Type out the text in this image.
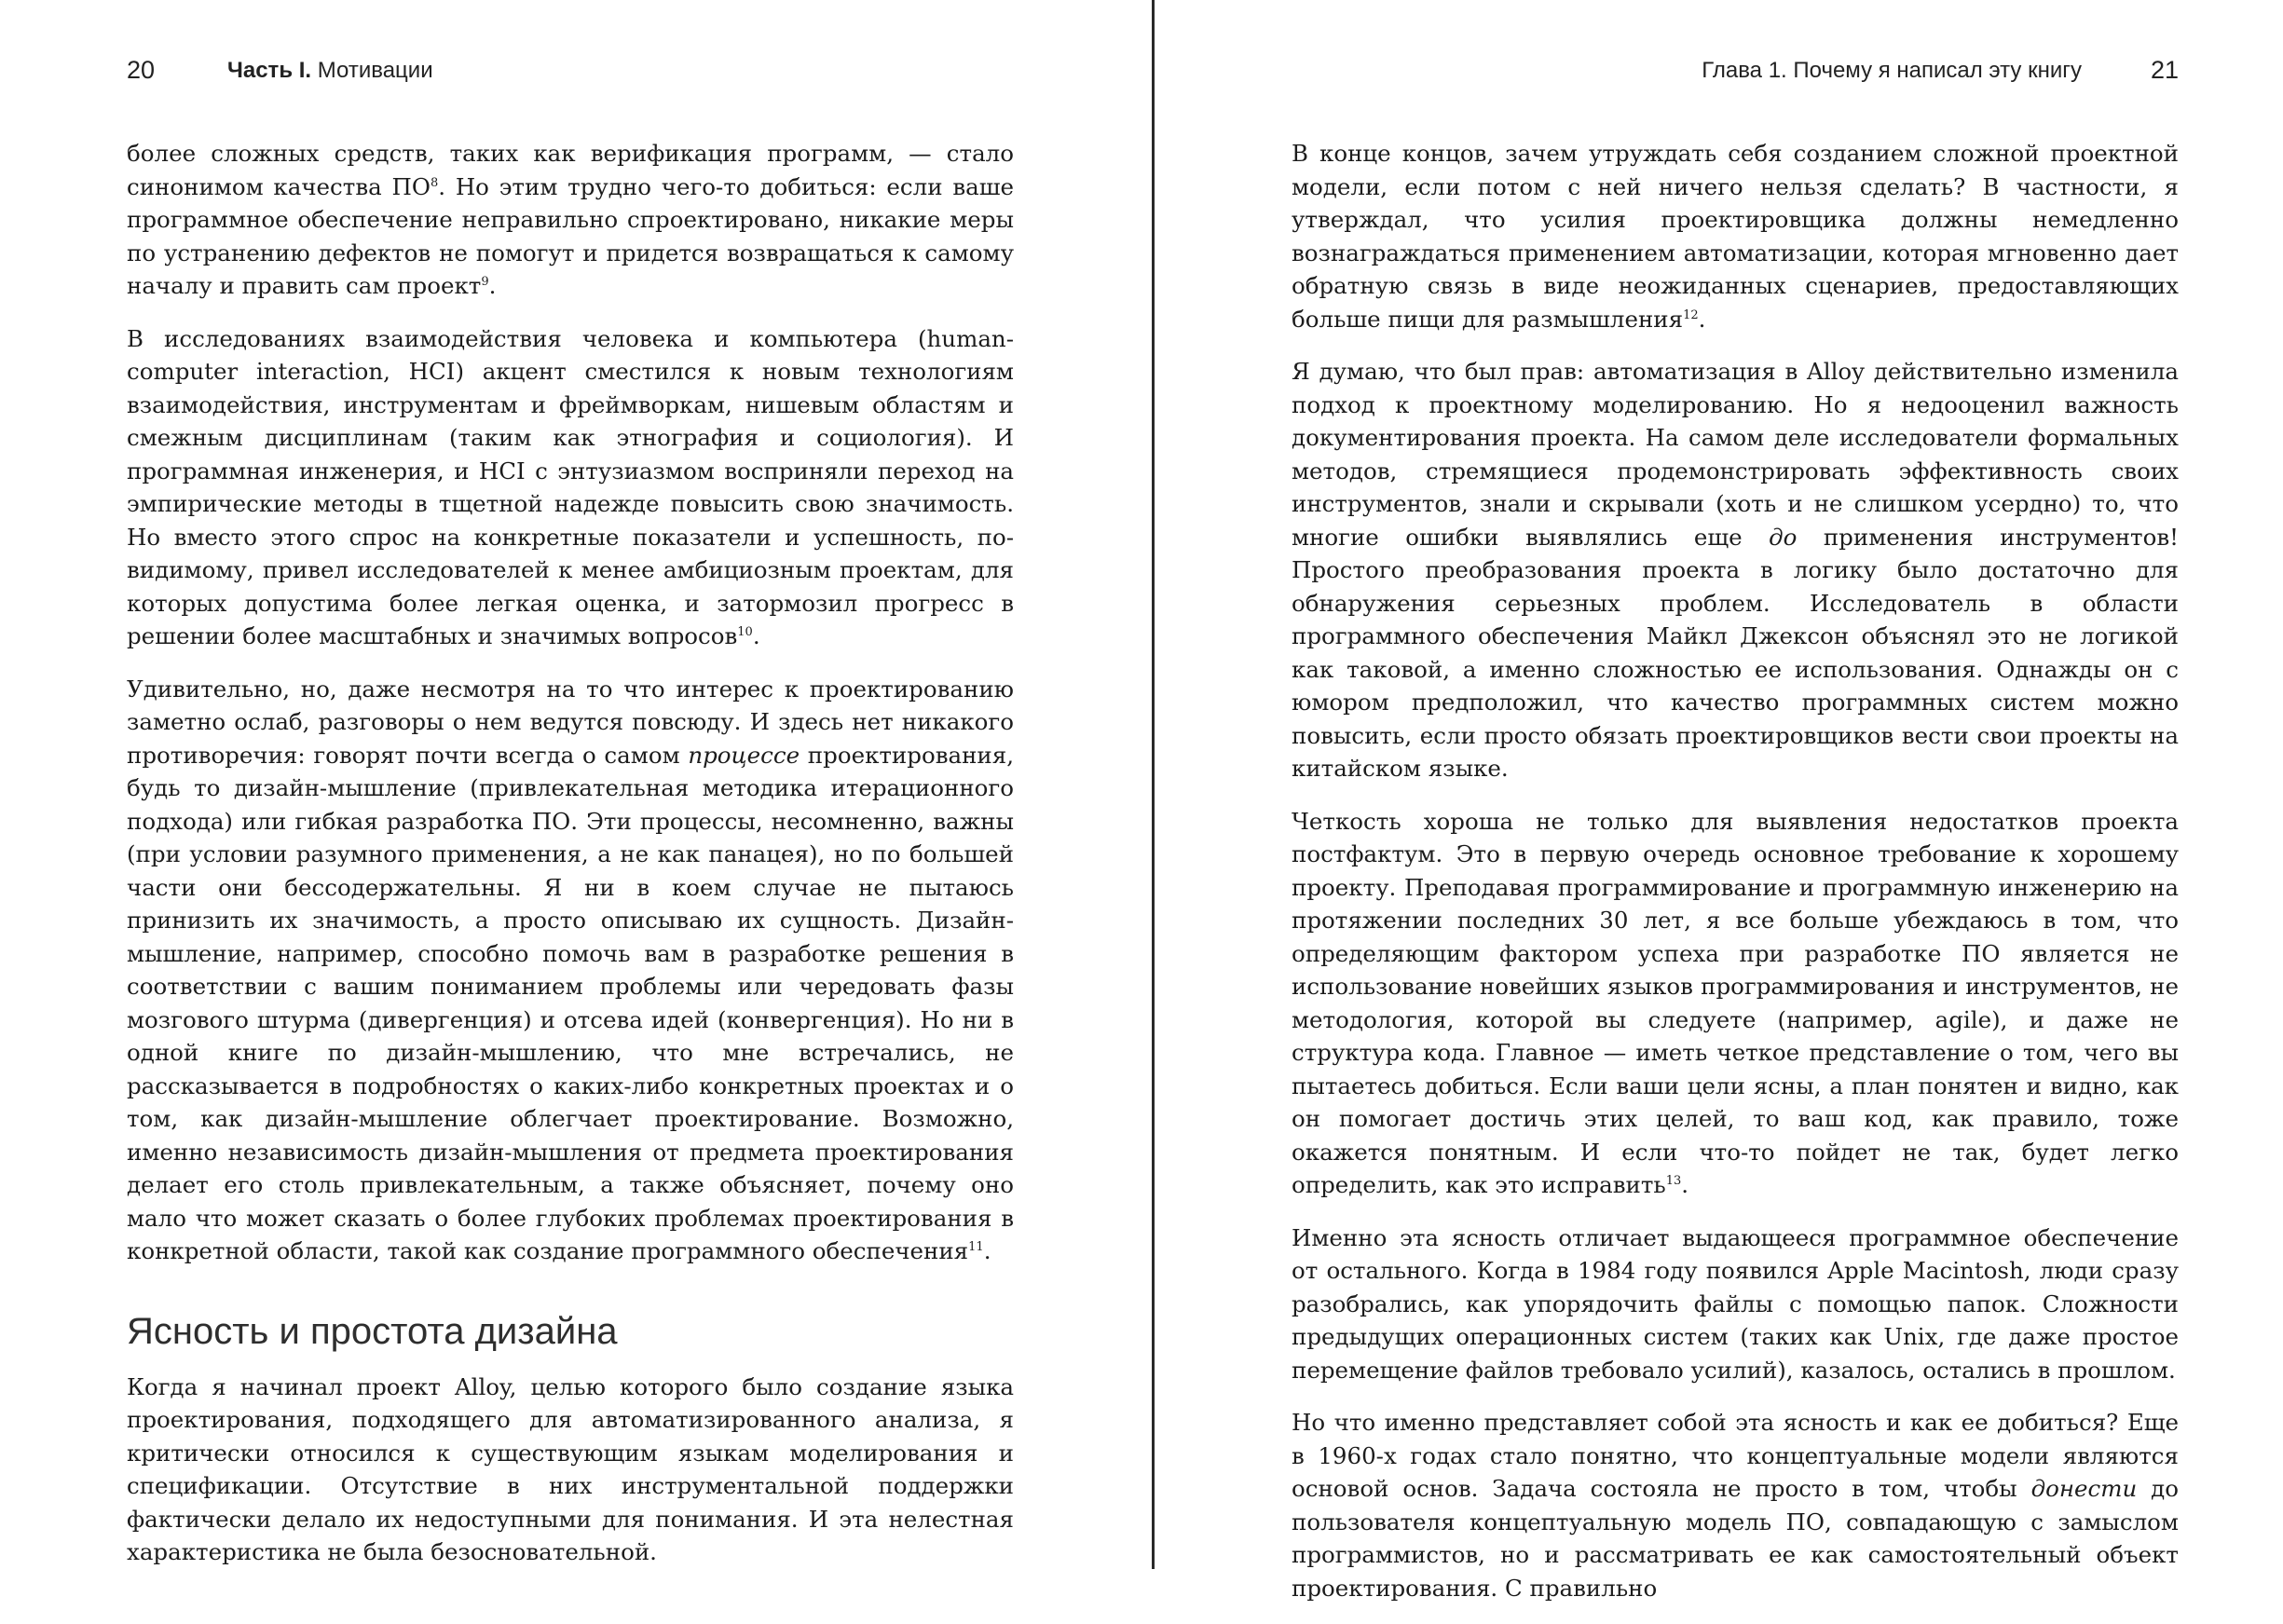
20	Часть I. Мотивации

более сложных средств, таких как верификация программ, — стало синонимом качества $ПО^8$. Но этим трудно чего-то добиться: если ваше программное обеспечение неправильно спроектировано, никакие меры по устранению дефектов не помогут и придется возвращаться к самому началу и править сам проект$^9$.

В исследованиях взаимодействия человека и компьютера (human-computer interaction, HCI) акцент сместился к новым технологиям взаимодействия, инструментам и фреймворкам, нишевым областям и смежным дисциплинам (таким как этнография и социология). И программная инженерия, и HCI с энтузиазмом восприняли переход на эмпирические методы в тщетной надежде повысить свою значимость. Но вместо этого спрос на конкретные показатели и успешность, по-видимому, привел исследователей к менее амбициозным проектам, для которых допустима более легкая оценка, и затормозил прогресс в решении более масштабных и значимых вопросов$^{10}$.

Удивительно, но, даже несмотря на то что интерес к проектированию заметно ослаб, разговоры о нем ведутся повсюду. И здесь нет никакого противоречия: говорят почти всегда о самом процессе проектирования, будь то дизайн-мышление (привлекательная методика итерационного подхода) или гибкая разработка ПО. Эти процессы, несомненно, важны (при условии разумного применения, а не как панацея), но по большей части они бессодержательны. Я ни в коем случае не пытаюсь принизить их значимость, а просто описываю их сущность. Дизайн-мышление, например, способно помочь вам в разработке решения в соответствии с вашим пониманием проблемы или чередовать фазы мозгового штурма (дивергенция) и отсева идей (конвергенция). Но ни в одной книге по дизайн-мышлению, что мне встречались, не рассказывается в подробностях о каких-либо конкретных проектах и о том, как дизайн-мышление облегчает проектирование. Возможно, именно независимость дизайн-мышления от предмета проектирования делает его столь привлекательным, а также объясняет, почему оно мало что может сказать о более глубоких проблемах проектирования в конкретной области, такой как создание программного обеспечения$^{11}$.

Ясность и простота дизайна

Когда я начинал проект Alloy, целью которого было создание языка проектирования, подходящего для автоматизированного анализа, я критически относился к существующим языкам моделирования и спецификации. Отсутствие в них инструментальной поддержки фактически делало их недоступными для понимания. И эта нелестная характеристика не была безосновательной.

Глава 1. Почему я написал эту книгу	21

В конце концов, зачем утруждать себя созданием сложной проектной модели, если потом с ней ничего нельзя сделать? В частности, я утверждал, что усилия проектировщика должны немедленно вознаграждаться применением автоматизации, которая мгновенно дает обратную связь в виде неожиданных сценариев, предоставляющих больше пищи для размышления$^{12}$.

Я думаю, что был прав: автоматизация в Alloy действительно изменила подход к проектному моделированию. Но я недооценил важность документирования проекта. На самом деле исследователи формальных методов, стремящиеся продемонстрировать эффективность своих инструментов, знали и скрывали (хоть и не слишком усердно) то, что многие ошибки выявлялись еще до применения инструментов! Простого преобразования проекта в логику было достаточно для обнаружения серьезных проблем. Исследователь в области программного обеспечения Майкл Джексон объяснял это не логикой как таковой, а именно сложностью ее использования. Однажды он с юмором предположил, что качество программных систем можно повысить, если просто обязать проектировщиков вести свои проекты на китайском языке.

Четкость хороша не только для выявления недостатков проекта постфактум. Это в первую очередь основное требование к хорошему проекту. Преподавая программирование и программную инженерию на протяжении последних 30 лет, я все больше убеждаюсь в том, что определяющим фактором успеха при разработке ПО является не использование новейших языков программирования и инструментов, не методология, которой вы следуете (например, agile), и даже не структура кода. Главное — иметь четкое представление о том, чего вы пытаетесь добиться. Если ваши цели ясны, а план понятен и видно, как он помогает достичь этих целей, то ваш код, как правило, тоже окажется понятным. И если что-то пойдет не так, будет легко определить, как это исправить$^{13}$.

Именно эта ясность отличает выдающееся программное обеспечение от остального. Когда в 1984 году появился Apple Macintosh, люди сразу разобрались, как упорядочить файлы с помощью папок. Сложности предыдущих операционных систем (таких как Unix, где даже простое перемещение файлов требовало усилий), казалось, остались в прошлом.

Но что именно представляет собой эта ясность и как ее добиться? Еще в 1960-х годах стало понятно, что концептуальные модели являются основой основ. Задача состояла не просто в том, чтобы донести до пользователя концептуальную модель ПО, совпадающую с замыслом программистов, но и рассматривать ее как самостоятельный объект проектирования. С правильно
